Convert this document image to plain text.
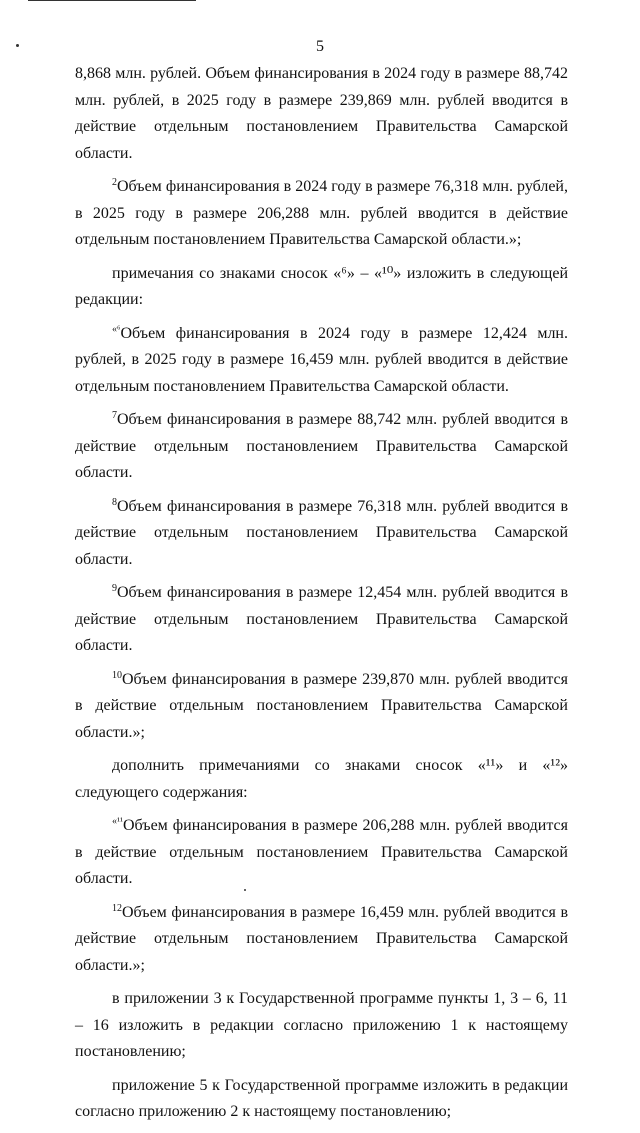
5

8,868 млн. рублей. Объем финансирования в 2024 году в размере 88,742 млн. рублей, в 2025 году в размере 239,869 млн. рублей вводится в действие отдельным постановлением Правительства Самарской области.

$^2$Объем финансирования в 2024 году в размере 76,318 млн. рублей, в 2025 году в размере 206,288 млн. рублей вводится в действие отдельным постановлением Правительства Самарской области.»;

примечания со знаками сносок «⁶» – «¹⁰» изложить в следующей редакции:

$^{«^6}$Объем финансирования в 2024 году в размере 12,424 млн. рублей, в 2025 году в размере 16,459 млн. рублей вводится в действие отдельным постановлением Правительства Самарской области.

$^7$Объем финансирования в размере 88,742 млн. рублей вводится в действие отдельным постановлением Правительства Самарской области.

$^8$Объем финансирования в размере 76,318 млн. рублей вводится в действие отдельным постановлением Правительства Самарской области.

$^9$Объем финансирования в размере 12,454 млн. рублей вводится в действие отдельным постановлением Правительства Самарской области.

$^{10}$Объем финансирования в размере 239,870 млн. рублей вводится в действие отдельным постановлением Правительства Самарской области.»;

дополнить примечаниями со знаками сносок «¹¹» и «¹²» следующего содержания:

$^{«^{11}}$Объем финансирования в размере 206,288 млн. рублей вводится в действие отдельным постановлением Правительства Самарской области.

$^{12}$Объем финансирования в размере 16,459 млн. рублей вводится в действие отдельным постановлением Правительства Самарской области.»;

в приложении 3 к Государственной программе пункты 1, 3 – 6, 11 – 16 изложить в редакции согласно приложению 1 к настоящему постановлению;

приложение 5 к Государственной программе изложить в редакции согласно приложению 2 к настоящему постановлению;
